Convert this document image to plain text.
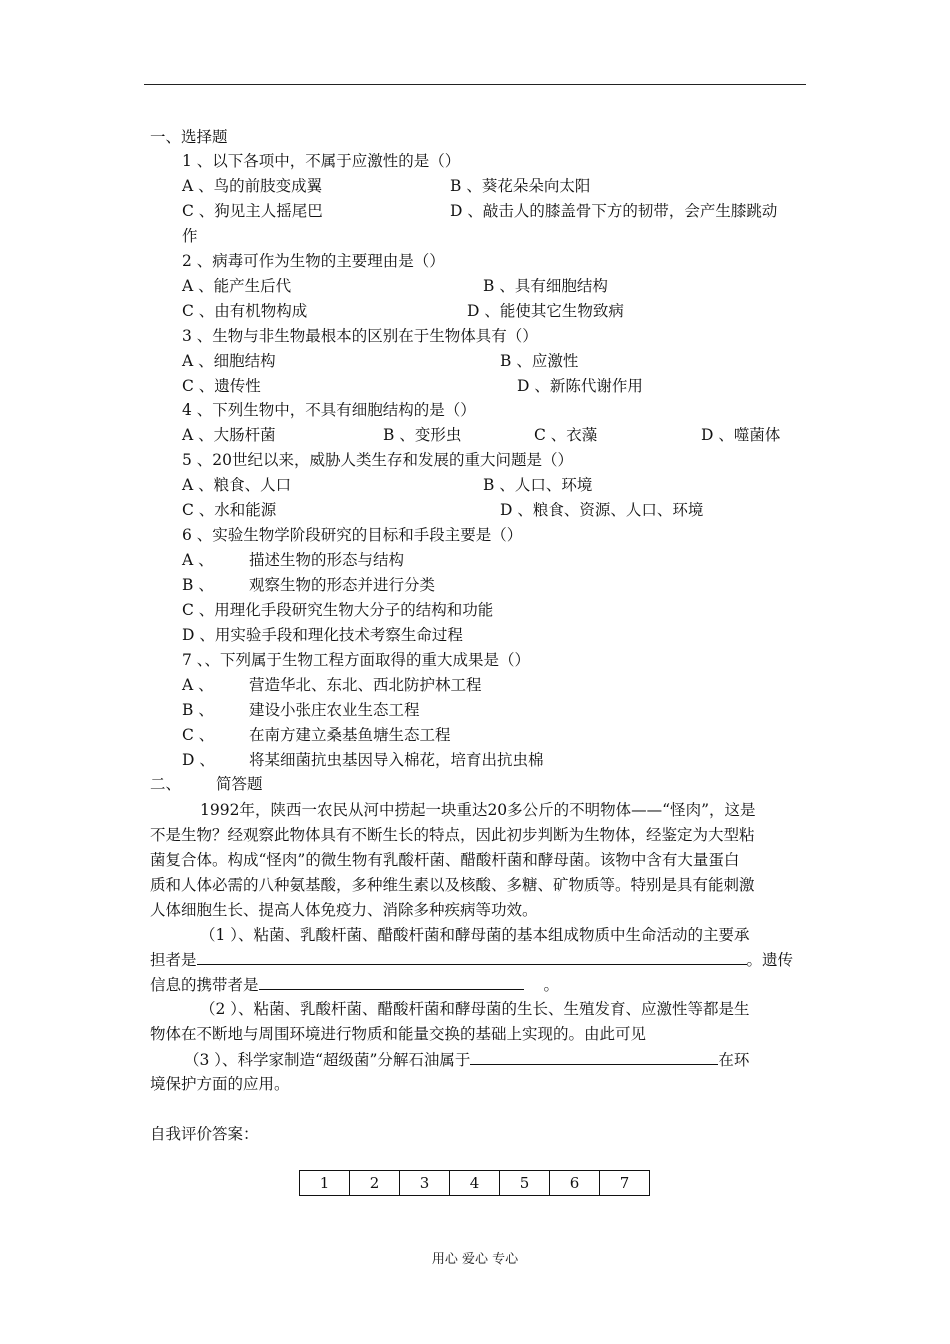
一、选择题
1 、以下各项中，不属于应激性的是（）
A 、鸟的前肢变成翼	B 、葵花朵朵向太阳
C 、狗见主人摇尾巴	D 、敲击人的膝盖骨下方的韧带，会产生膝跳动
作
2 、病毒可作为生物的主要理由是（）
A 、能产生后代	B 、具有细胞结构
C 、由有机物构成	D 、能使其它生物致病
3 、生物与非生物最根本的区别在于生物体具有（）
A 、细胞结构	B 、应激性
C 、遗传性	D 、新陈代谢作用
4 、下列生物中，不具有细胞结构的是（）
A 、大肠杆菌	B 、变形虫	C 、衣藻	D 、噬菌体
5 、20世纪以来，威胁人类生存和发展的重大问题是（）
A 、粮食、人口	B 、人口、环境
C 、水和能源	D 、粮食、资源、人口、环境
6 、实验生物学阶段研究的目标和手段主要是（）
A 、 描述生物的形态与结构
B 、 观察生物的形态并进行分类
C 、用理化手段研究生物大分子的结构和功能
D 、用实验手段和理化技术考察生命过程
7 、、下列属于生物工程方面取得的重大成果是（）
A 、 营造华北、东北、西北防护林工程
B 、 建设小张庄农业生态工程
C 、 在南方建立桑基鱼塘生态工程
D 、 将某细菌抗虫基因导入棉花，培育出抗虫棉
二、 简答题
1992年，陕西一农民从河中捞起一块重达20多公斤的不明物体——“怪肉”，这是
不是生物？经观察此物体具有不断生长的特点，因此初步判断为生物体，经鉴定为大型粘
菌复合体。构成“怪肉”的微生物有乳酸杆菌、醋酸杆菌和酵母菌。该物中含有大量蛋白
质和人体必需的八种氨基酸，多种维生素以及核酸、多糖、矿物质等。特别是具有能刺激
人体细胞生长、提高人体免疫力、消除多种疾病等功效。
（1 ）、粘菌、乳酸杆菌、醋酸杆菌和酵母菌的基本组成物质中生命活动的主要承
担者是	。遗传
信息的携带者是	。
（2 ）、粘菌、乳酸杆菌、醋酸杆菌和酵母菌的生长、生殖发育、应激性等都是生
物体在不断地与周围环境进行物质和能量交换的基础上实现的。由此可见
（3 ）、科学家制造“超级菌”分解石油属于	在环
境保护方面的应用。
自我评价答案：
1	2	3	4	5	6	7
用心 爱心 专心
